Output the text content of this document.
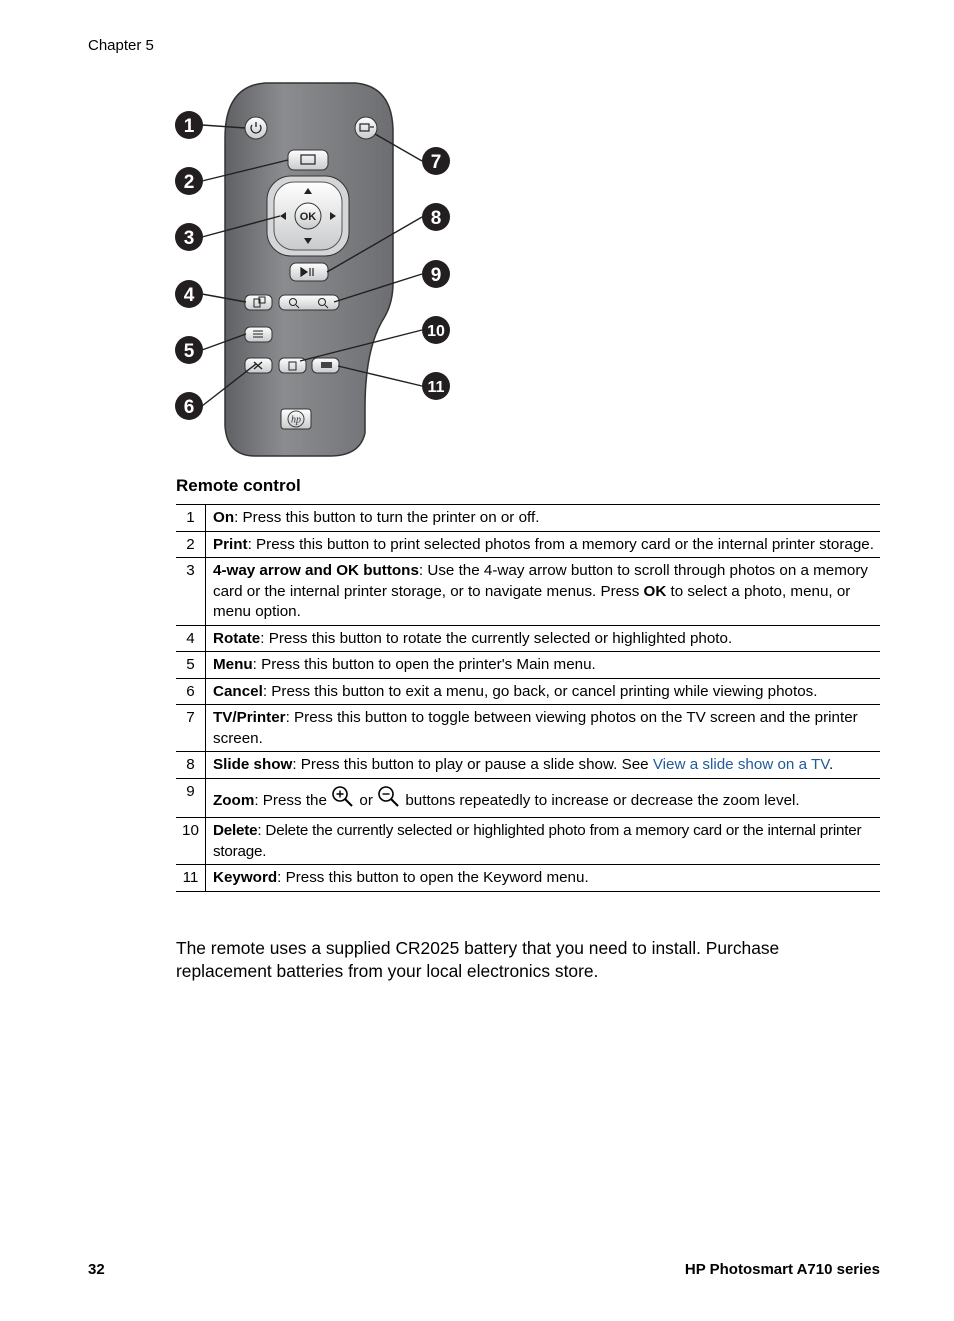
Chapter 5
OK
hp
1
2
3
4
5
6
7
8
9
10
11
Remote control
1	On: Press this button to turn the printer on or off.
2	Print: Press this button to print selected photos from a memory card or the internal printer storage.
3	4-way arrow and OK buttons: Use the 4-way arrow button to scroll through photos on a memory card or the internal printer storage, or to navigate menus. Press OK to select a photo, menu, or menu option.
4	Rotate: Press this button to rotate the currently selected or highlighted photo.
5	Menu: Press this button to open the printer's Main menu.
6	Cancel: Press this button to exit a menu, go back, or cancel printing while viewing photos.
7	TV/Printer: Press this button to toggle between viewing photos on the TV screen and the printer screen.
8	Slide show: Press this button to play or pause a slide show. See View a slide show on a TV.
9	Zoom: Press the  or  buttons repeatedly to increase or decrease the zoom level.
10	Delete: Delete the currently selected or highlighted photo from a memory card or the internal printer storage.
11	Keyword: Press this button to open the Keyword menu.

The remote uses a supplied CR2025 battery that you need to install. Purchase replacement batteries from your local electronics store.

32	HP Photosmart A710 series
